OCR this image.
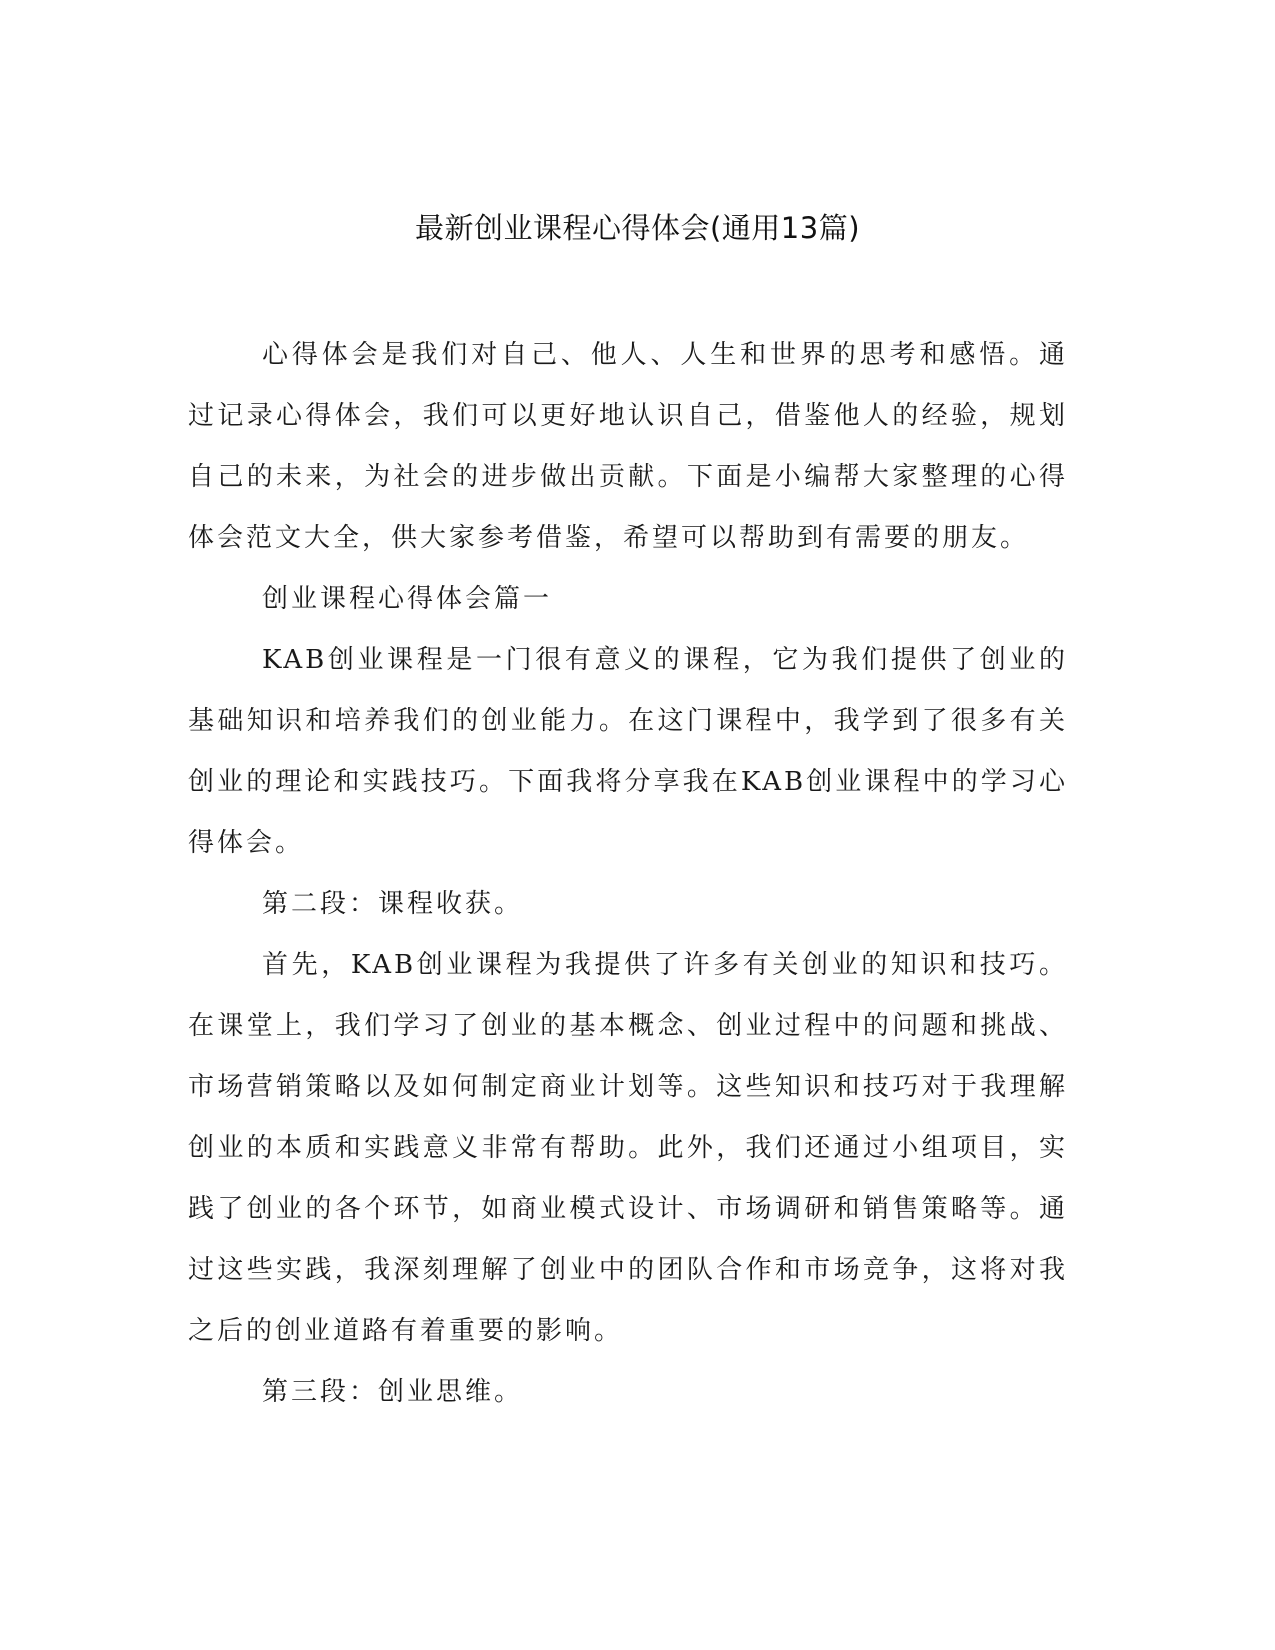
最新创业课程心得体会(通用13篇)

心得体会是我们对自己、他人、人生和世界的思考和感悟。通过记录心得体会，我们可以更好地认识自己，借鉴他人的经验，规划自己的未来，为社会的进步做出贡献。下面是小编帮大家整理的心得体会范文大全，供大家参考借鉴，希望可以帮助到有需要的朋友。

创业课程心得体会篇一

KAB创业课程是一门很有意义的课程，它为我们提供了创业的基础知识和培养我们的创业能力。在这门课程中，我学到了很多有关创业的理论和实践技巧。下面我将分享我在KAB创业课程中的学习心得体会。

第二段：课程收获。

首先，KAB创业课程为我提供了许多有关创业的知识和技巧。在课堂上，我们学习了创业的基本概念、创业过程中的问题和挑战、市场营销策略以及如何制定商业计划等。这些知识和技巧对于我理解创业的本质和实践意义非常有帮助。此外，我们还通过小组项目，实践了创业的各个环节，如商业模式设计、市场调研和销售策略等。通过这些实践，我深刻理解了创业中的团队合作和市场竞争，这将对我之后的创业道路有着重要的影响。

第三段：创业思维。
